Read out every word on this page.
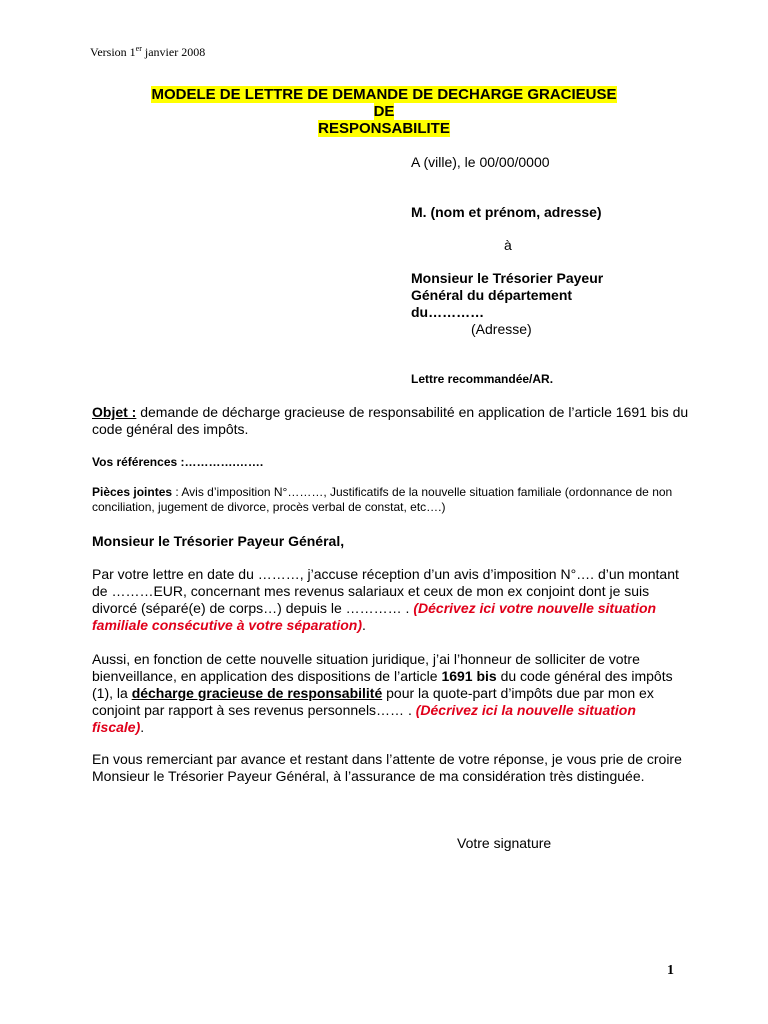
Version 1er janvier 2008
MODELE DE LETTRE DE DEMANDE DE DECHARGE GRACIEUSE
DE
RESPONSABILITE
A (ville), le 00/00/0000
M. (nom et prénom, adresse)
à
Monsieur le Trésorier Payeur
Général du département
du…………
(Adresse)
Lettre recommandée/AR.
Objet : demande de décharge gracieuse de responsabilité en application de l’article 1691 bis du code général des impôts.
Vos références :………….…….
Pièces jointes : Avis d’imposition N°………, Justificatifs de la nouvelle situation familiale (ordonnance de non conciliation, jugement de divorce, procès verbal de constat, etc….)
Monsieur le Trésorier Payeur Général,
Par votre lettre en date du ………, j’accuse réception d’un avis d’imposition N°…. d’un montant de ………EUR, concernant mes revenus salariaux et ceux de mon ex conjoint dont je suis divorcé (séparé(e) de corps…) depuis le ………… . (Décrivez ici votre nouvelle situation familiale consécutive à votre séparation).
Aussi, en fonction de cette nouvelle situation juridique, j’ai l’honneur de solliciter de votre bienveillance, en application des dispositions de l’article 1691 bis du code général des impôts (1), la décharge gracieuse de responsabilité pour la quote-part d’impôts due par mon ex conjoint par rapport à ses revenus personnels…… . (Décrivez ici la nouvelle situation fiscale).
En vous remerciant par avance et restant dans l’attente de votre réponse, je vous prie de croire Monsieur le Trésorier Payeur Général, à l’assurance de ma considération très distinguée.
Votre signature
1
